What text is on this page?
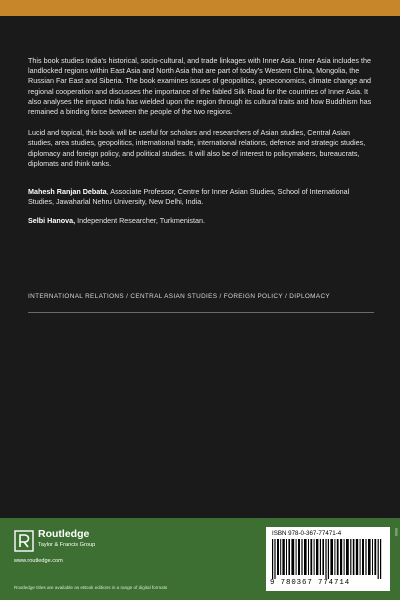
This book studies India's historical, socio-cultural, and trade linkages with Inner Asia. Inner Asia includes the landlocked regions within East Asia and North Asia that are part of today's Western China, Mongolia, the Russian Far East and Siberia. The book examines issues of geopolitics, geoeconomics, climate change and regional cooperation and discusses the importance of the fabled Silk Road for the countries of Inner Asia. It also analyses the impact India has wielded upon the region through its cultural traits and how Buddhism has remained a binding force between the people of the two regions.

Lucid and topical, this book will be useful for scholars and researchers of Asian studies, Central Asian studies, area studies, geopolitics, international trade, international relations, defence and strategic studies, diplomacy and foreign policy, and political studies. It will also be of interest to policymakers, bureaucrats, diplomats and think tanks.

Mahesh Ranjan Debata, Associate Professor, Centre for Inner Asian Studies, School of International Studies, Jawaharlal Nehru University, New Delhi, India.

Selbi Hanova, Independent Researcher, Turkmenistan.

INTERNATIONAL RELATIONS / CENTRAL ASIAN STUDIES / FOREIGN POLICY / DIPLOMACY
Routledge
Taylor & Francis Group
www.routledge.com
Routledge titles are available as eBook editions in a range of digital formats
ISBN 978-0-367-77471-4
9 780367 774714
9000
